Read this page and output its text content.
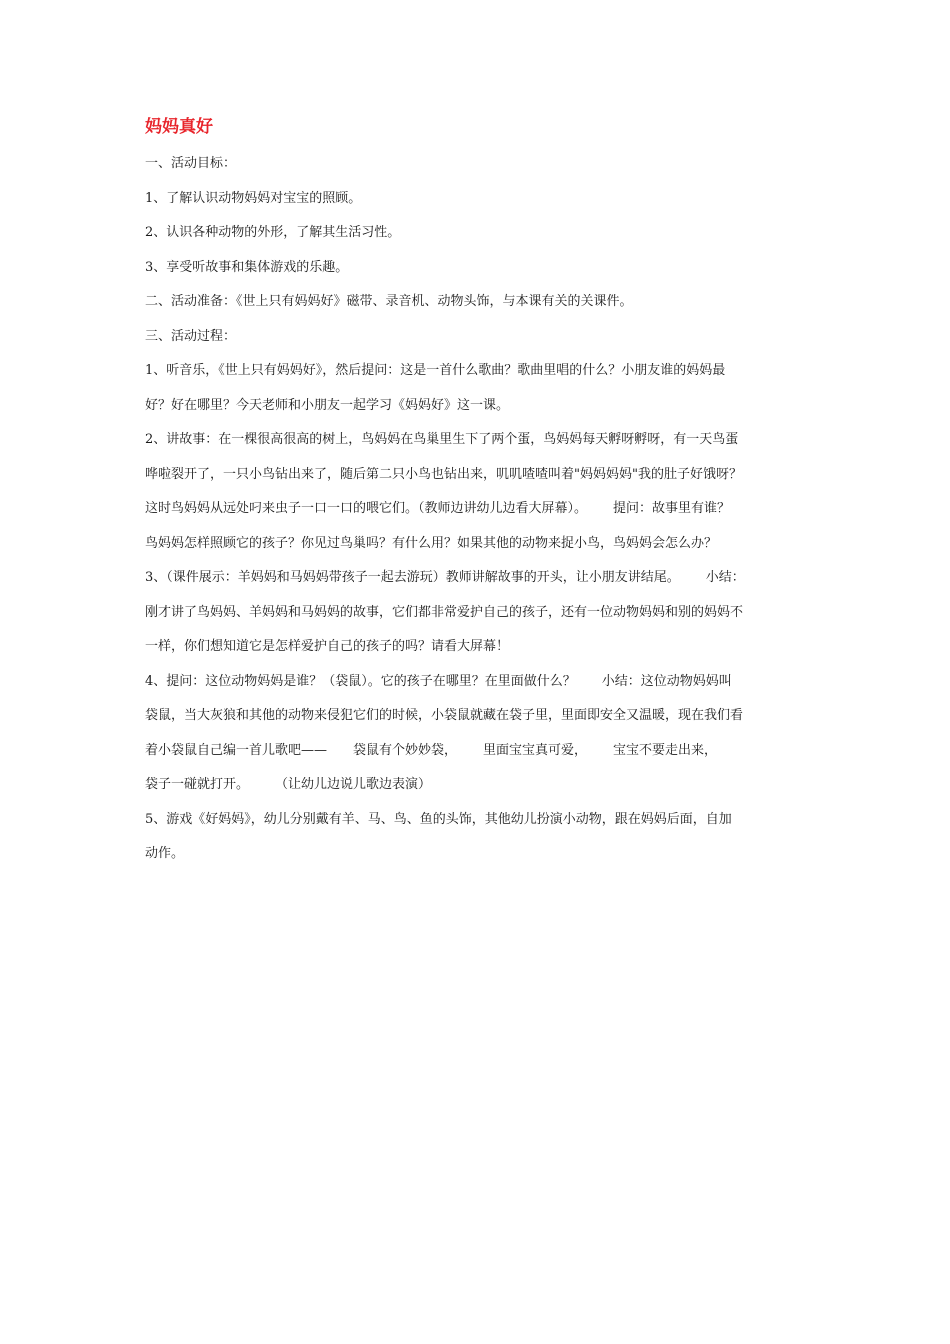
妈妈真好

一、活动目标：

1、了解认识动物妈妈对宝宝的照顾。

2、认识各种动物的外形，了解其生活习性。

3、享受听故事和集体游戏的乐趣。

二、活动准备：《世上只有妈妈好》磁带、录音机、动物头饰，与本课有关的关课件。

三、活动过程：

1、听音乐，《世上只有妈妈好》，然后提问：这是一首什么歌曲？歌曲里唱的什么？小朋友谁的妈妈最
好？好在哪里？今天老师和小朋友一起学习《妈妈好》这一课。

2、讲故事：在一棵很高很高的树上，鸟妈妈在鸟巢里生下了两个蛋，鸟妈妈每天孵呀孵呀，有一天鸟蛋
哗啦裂开了，一只小鸟钻出来了，随后第二只小鸟也钻出来，叽叽喳喳叫着"妈妈妈妈"我的肚子好饿呀？
这时鸟妈妈从远处叼来虫子一口一口的喂它们。（教师边讲幼儿边看大屏幕）。 提问：故事里有谁？
鸟妈妈怎样照顾它的孩子？你见过鸟巢吗？有什么用？如果其他的动物来捉小鸟，鸟妈妈会怎么办？

3、（课件展示：羊妈妈和马妈妈带孩子一起去游玩）教师讲解故事的开头，让小朋友讲结尾。 小结：
刚才讲了鸟妈妈、羊妈妈和马妈妈的故事，它们都非常爱护自己的孩子，还有一位动物妈妈和别的妈妈不
一样，你们想知道它是怎样爱护自己的孩子的吗？请看大屏幕！

4、提问：这位动物妈妈是谁？（袋鼠）。它的孩子在哪里？在里面做什么？ 小结：这位动物妈妈叫
袋鼠，当大灰狼和其他的动物来侵犯它们的时候，小袋鼠就藏在袋子里，里面即安全又温暖，现在我们看
着小袋鼠自己编一首儿歌吧—— 袋鼠有个妙妙袋， 里面宝宝真可爱， 宝宝不要走出来，
袋子一碰就打开。 （让幼儿边说儿歌边表演）

5、游戏《好妈妈》，幼儿分别戴有羊、马、鸟、鱼的头饰，其他幼儿扮演小动物，跟在妈妈后面，自加
动作。
